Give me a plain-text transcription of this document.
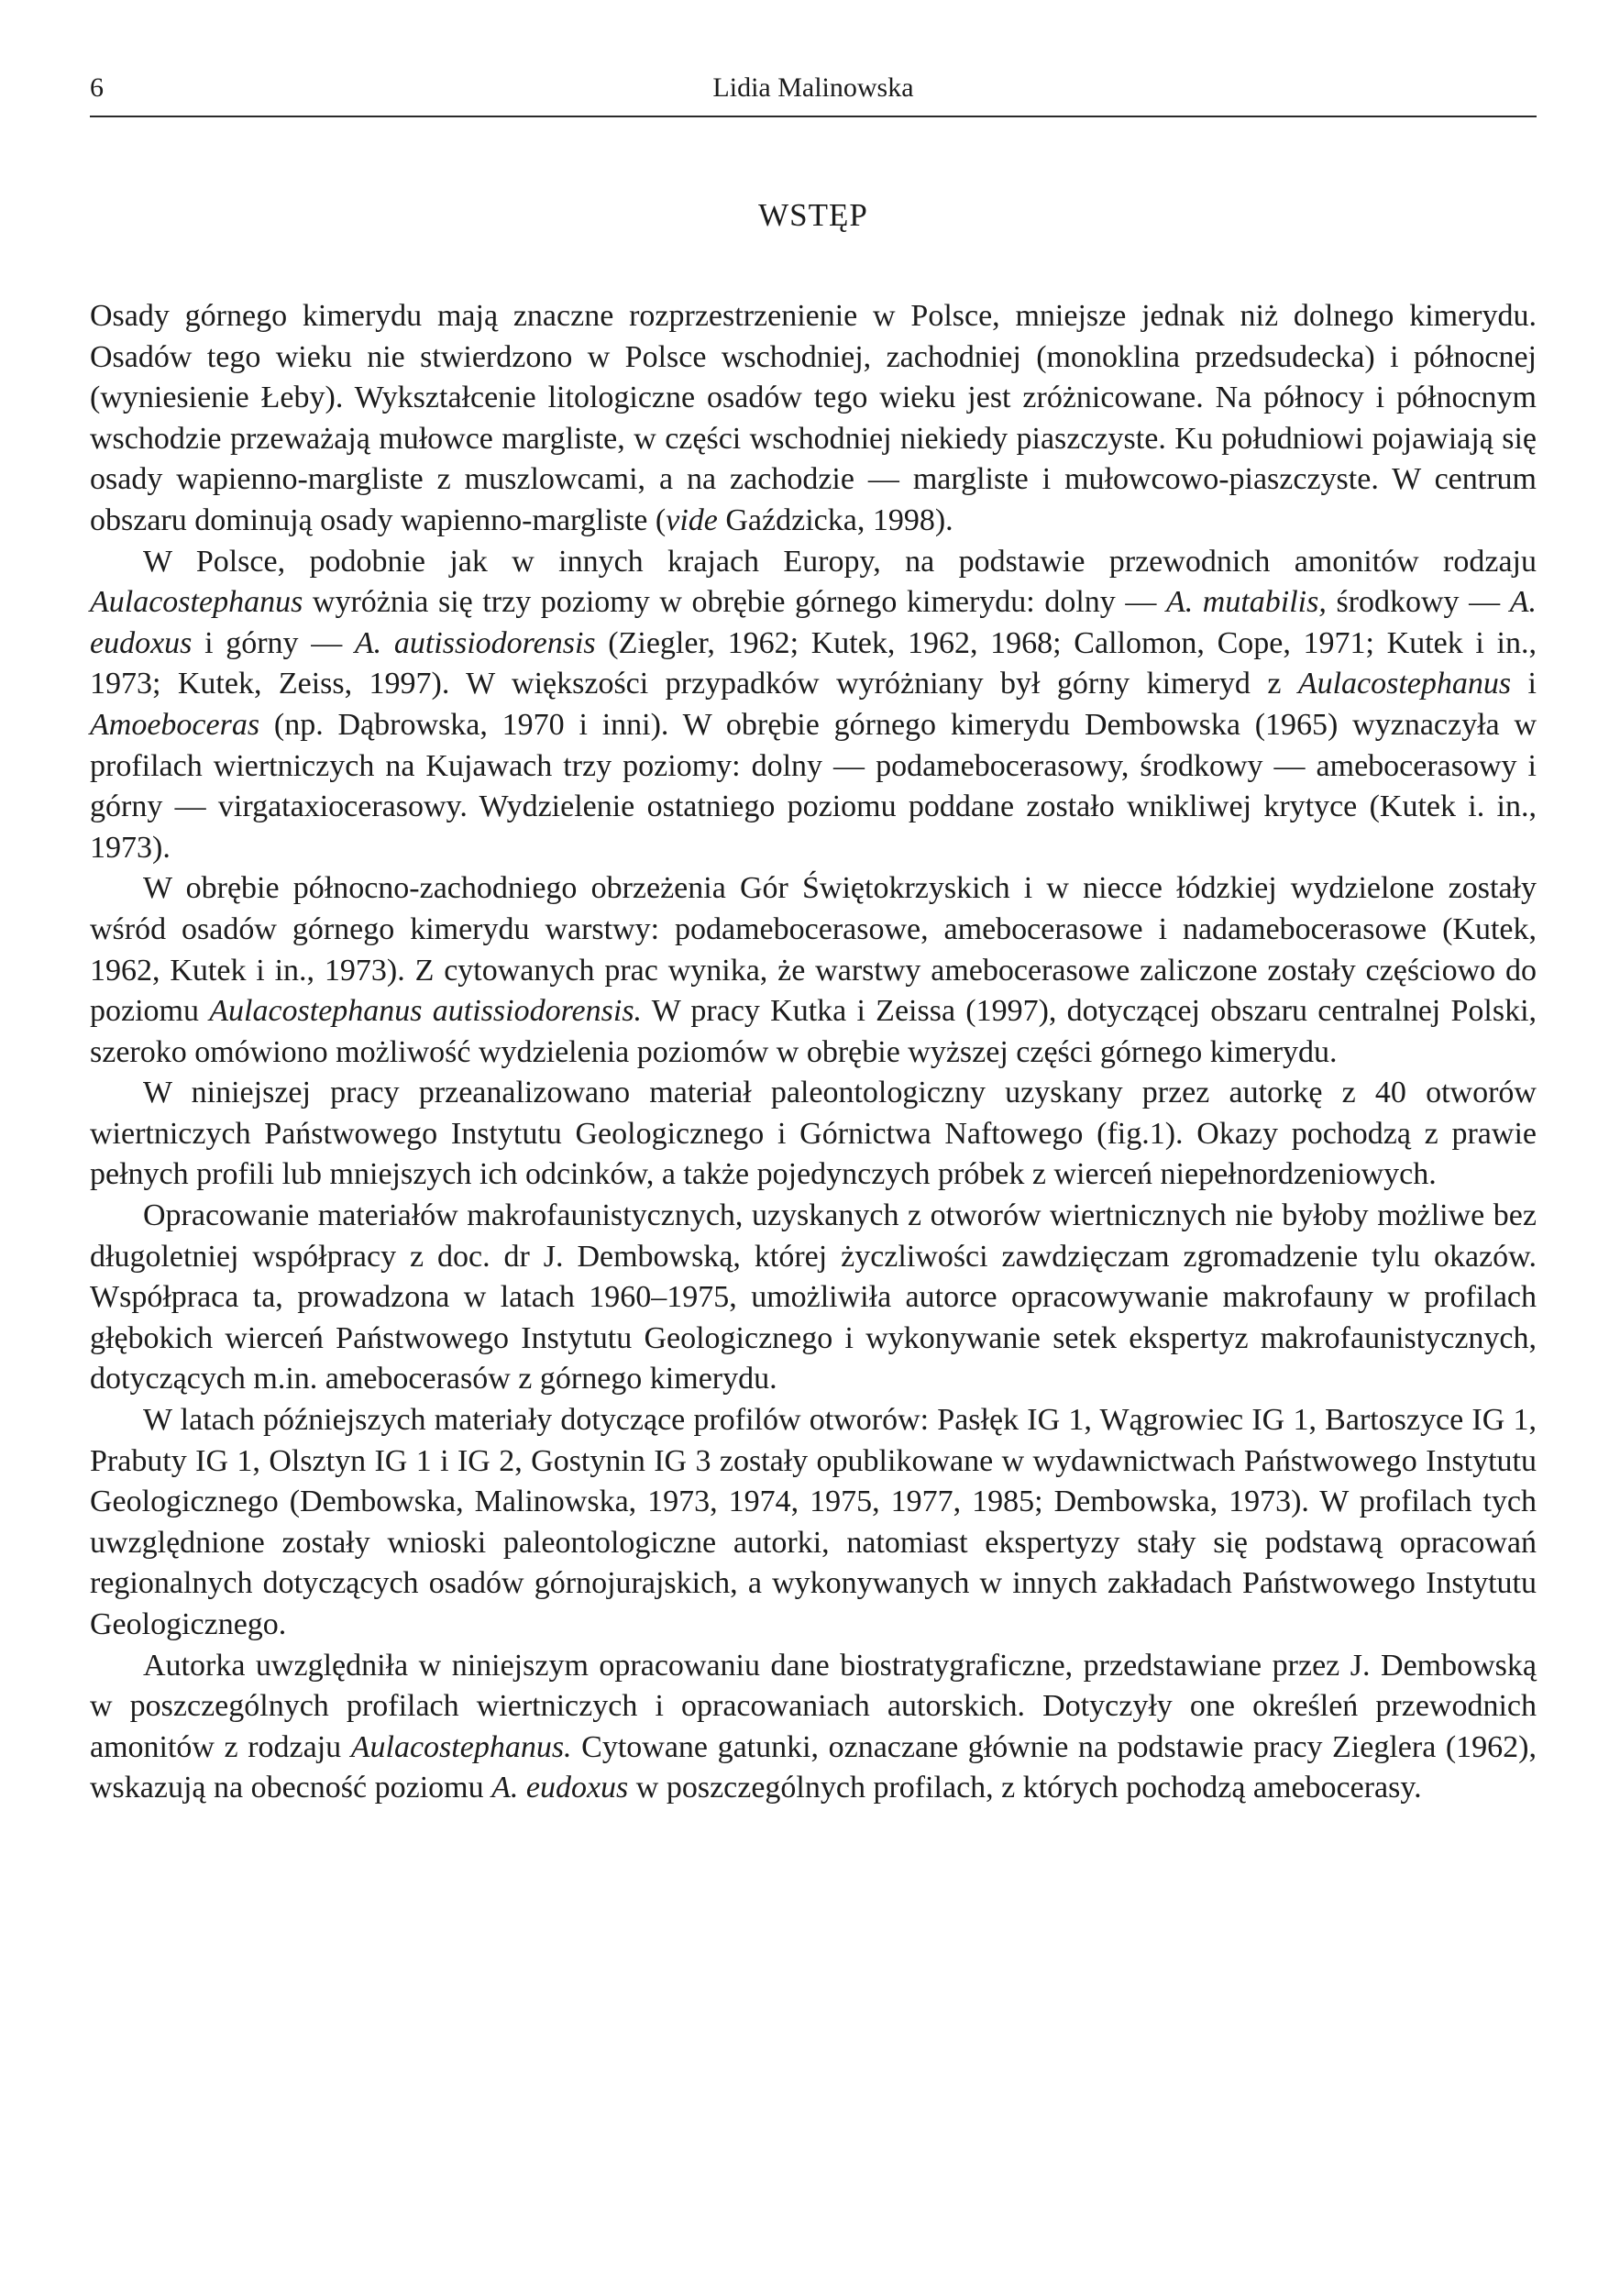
6	Lidia Malinowska
WSTĘP

Osady górnego kimerydu mają znaczne rozprzestrzenienie w Polsce, mniejsze jednak niż dolnego kimerydu. Osadów tego wieku nie stwierdzono w Polsce wschodniej, zachodniej (monoklina przedsudecka) i północnej (wyniesienie Łeby). Wykształcenie litologiczne osadów tego wieku jest zróżnicowane. Na północy i północnym wschodzie przeważają mułowce margliste, w części wschodniej niekiedy piaszczyste. Ku południowi pojawiają się osady wapienno-margliste z muszlowcami, a na zachodzie — margliste i mułowcowo-piaszczyste. W centrum obszaru dominują osady wapienno-margliste (vide Gaździcka, 1998).

W Polsce, podobnie jak w innych krajach Europy, na podstawie przewodnich amonitów rodzaju Aulacostephanus wyróżnia się trzy poziomy w obrębie górnego kimerydu: dolny — A. mutabilis, środkowy — A. eudoxus i górny — A. autissiodorensis (Ziegler, 1962; Kutek, 1962, 1968; Callomon, Cope, 1971; Kutek i in., 1973; Kutek, Zeiss, 1997). W większości przypadków wyróżniany był górny kimeryd z Aulacostephanus i Amoeboceras (np. Dąbrowska, 1970 i inni). W obrębie górnego kimerydu Dembowska (1965) wyznaczyła w profilach wiertniczych na Kujawach trzy poziomy: dolny — podamebocerasowy, środkowy — amebocerasowy i górny — virgataxiocerasowy. Wydzielenie ostatniego poziomu poddane zostało wnikliwej krytyce (Kutek i. in., 1973).

W obrębie północno-zachodniego obrzeżenia Gór Świętokrzyskich i w niecce łódzkiej wydzielone zostały wśród osadów górnego kimerydu warstwy: podamebocerasowe, amebocerasowe i nadamebocerasowe (Kutek, 1962, Kutek i in., 1973). Z cytowanych prac wynika, że warstwy amebocerasowe zaliczone zostały częściowo do poziomu Aulacostephanus autissiodorensis. W pracy Kutka i Zeissa (1997), dotyczącej obszaru centralnej Polski, szeroko omówiono możliwość wydzielenia poziomów w obrębie wyższej części górnego kimerydu.

W niniejszej pracy przeanalizowano materiał paleontologiczny uzyskany przez autorkę z 40 otworów wiertniczych Państwowego Instytutu Geologicznego i Górnictwa Naftowego (fig.1). Okazy pochodzą z prawie pełnych profili lub mniejszych ich odcinków, a także pojedynczych próbek z wierceń niepełnordzeniowych.

Opracowanie materiałów makrofaunistycznych, uzyskanych z otworów wiertnicznych nie byłoby możliwe bez długoletniej współpracy z doc. dr J. Dembowską, której życzliwości zawdzięczam zgromadzenie tylu okazów. Współpraca ta, prowadzona w latach 1960–1975, umożliwiła autorce opracowywanie makrofauny w profilach głębokich wierceń Państwowego Instytutu Geologicznego i wykonywanie setek ekspertyz makrofaunistycznych, dotyczących m.in. amebocerasów z górnego kimerydu.

W latach późniejszych materiały dotyczące profilów otworów: Pasłęk IG 1, Wągrowiec IG 1, Bartoszyce IG 1, Prabuty IG 1, Olsztyn IG 1 i IG 2, Gostynin IG 3 zostały opublikowane w wydawnictwach Państwowego Instytutu Geologicznego (Dembowska, Malinowska, 1973, 1974, 1975, 1977, 1985; Dembowska, 1973). W profilach tych uwzględnione zostały wnioski paleontologiczne autorki, natomiast ekspertyzy stały się podstawą opracowań regionalnych dotyczących osadów górnojurajskich, a wykonywanych w innych zakładach Państwowego Instytutu Geologicznego.

Autorka uwzględniła w niniejszym opracowaniu dane biostratygraficzne, przedstawiane przez J. Dembowską w poszczególnych profilach wiertniczych i opracowaniach autorskich. Dotyczyły one określeń przewodnich amonitów z rodzaju Aulacostephanus. Cytowane gatunki, oznaczane głównie na podstawie pracy Zieglera (1962), wskazują na obecność poziomu A. eudoxus w poszczególnych profilach, z których pochodzą amebocerasy.
